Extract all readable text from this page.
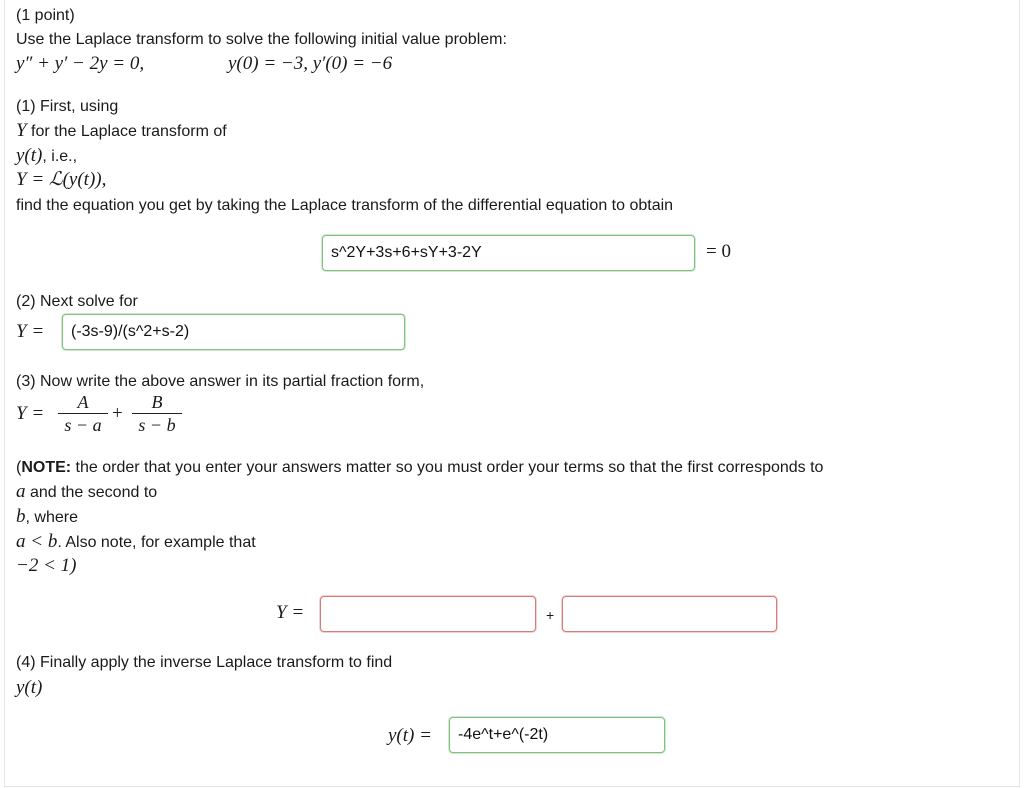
(1 point)
Use the Laplace transform to solve the following initial value problem:
y″ + y′ − 2y = 0,	y(0) = −3, y′(0) = −6
(1) First, using
Y for the Laplace transform of
y(t), i.e.,
Y = ℒ(y(t)),
find the equation you get by taking the Laplace transform of the differential equation to obtain
s^2Y+3s+6+sY+3-2Y	= 0
(2) Next solve for
Y =	(-3s-9)/(s^2+s-2)
(3) Now write the above answer in its partial fraction form,
Y =
A
s − a
+
B
s − b
(NOTE: the order that you enter your answers matter so you must order your terms so that the first corresponds to
a and the second to
b, where
a < b. Also note, for example that
−2 < 1)
Y =	+
(4) Finally apply the inverse Laplace transform to find
y(t)
y(t) =	-4e^t+e^(-2t)
